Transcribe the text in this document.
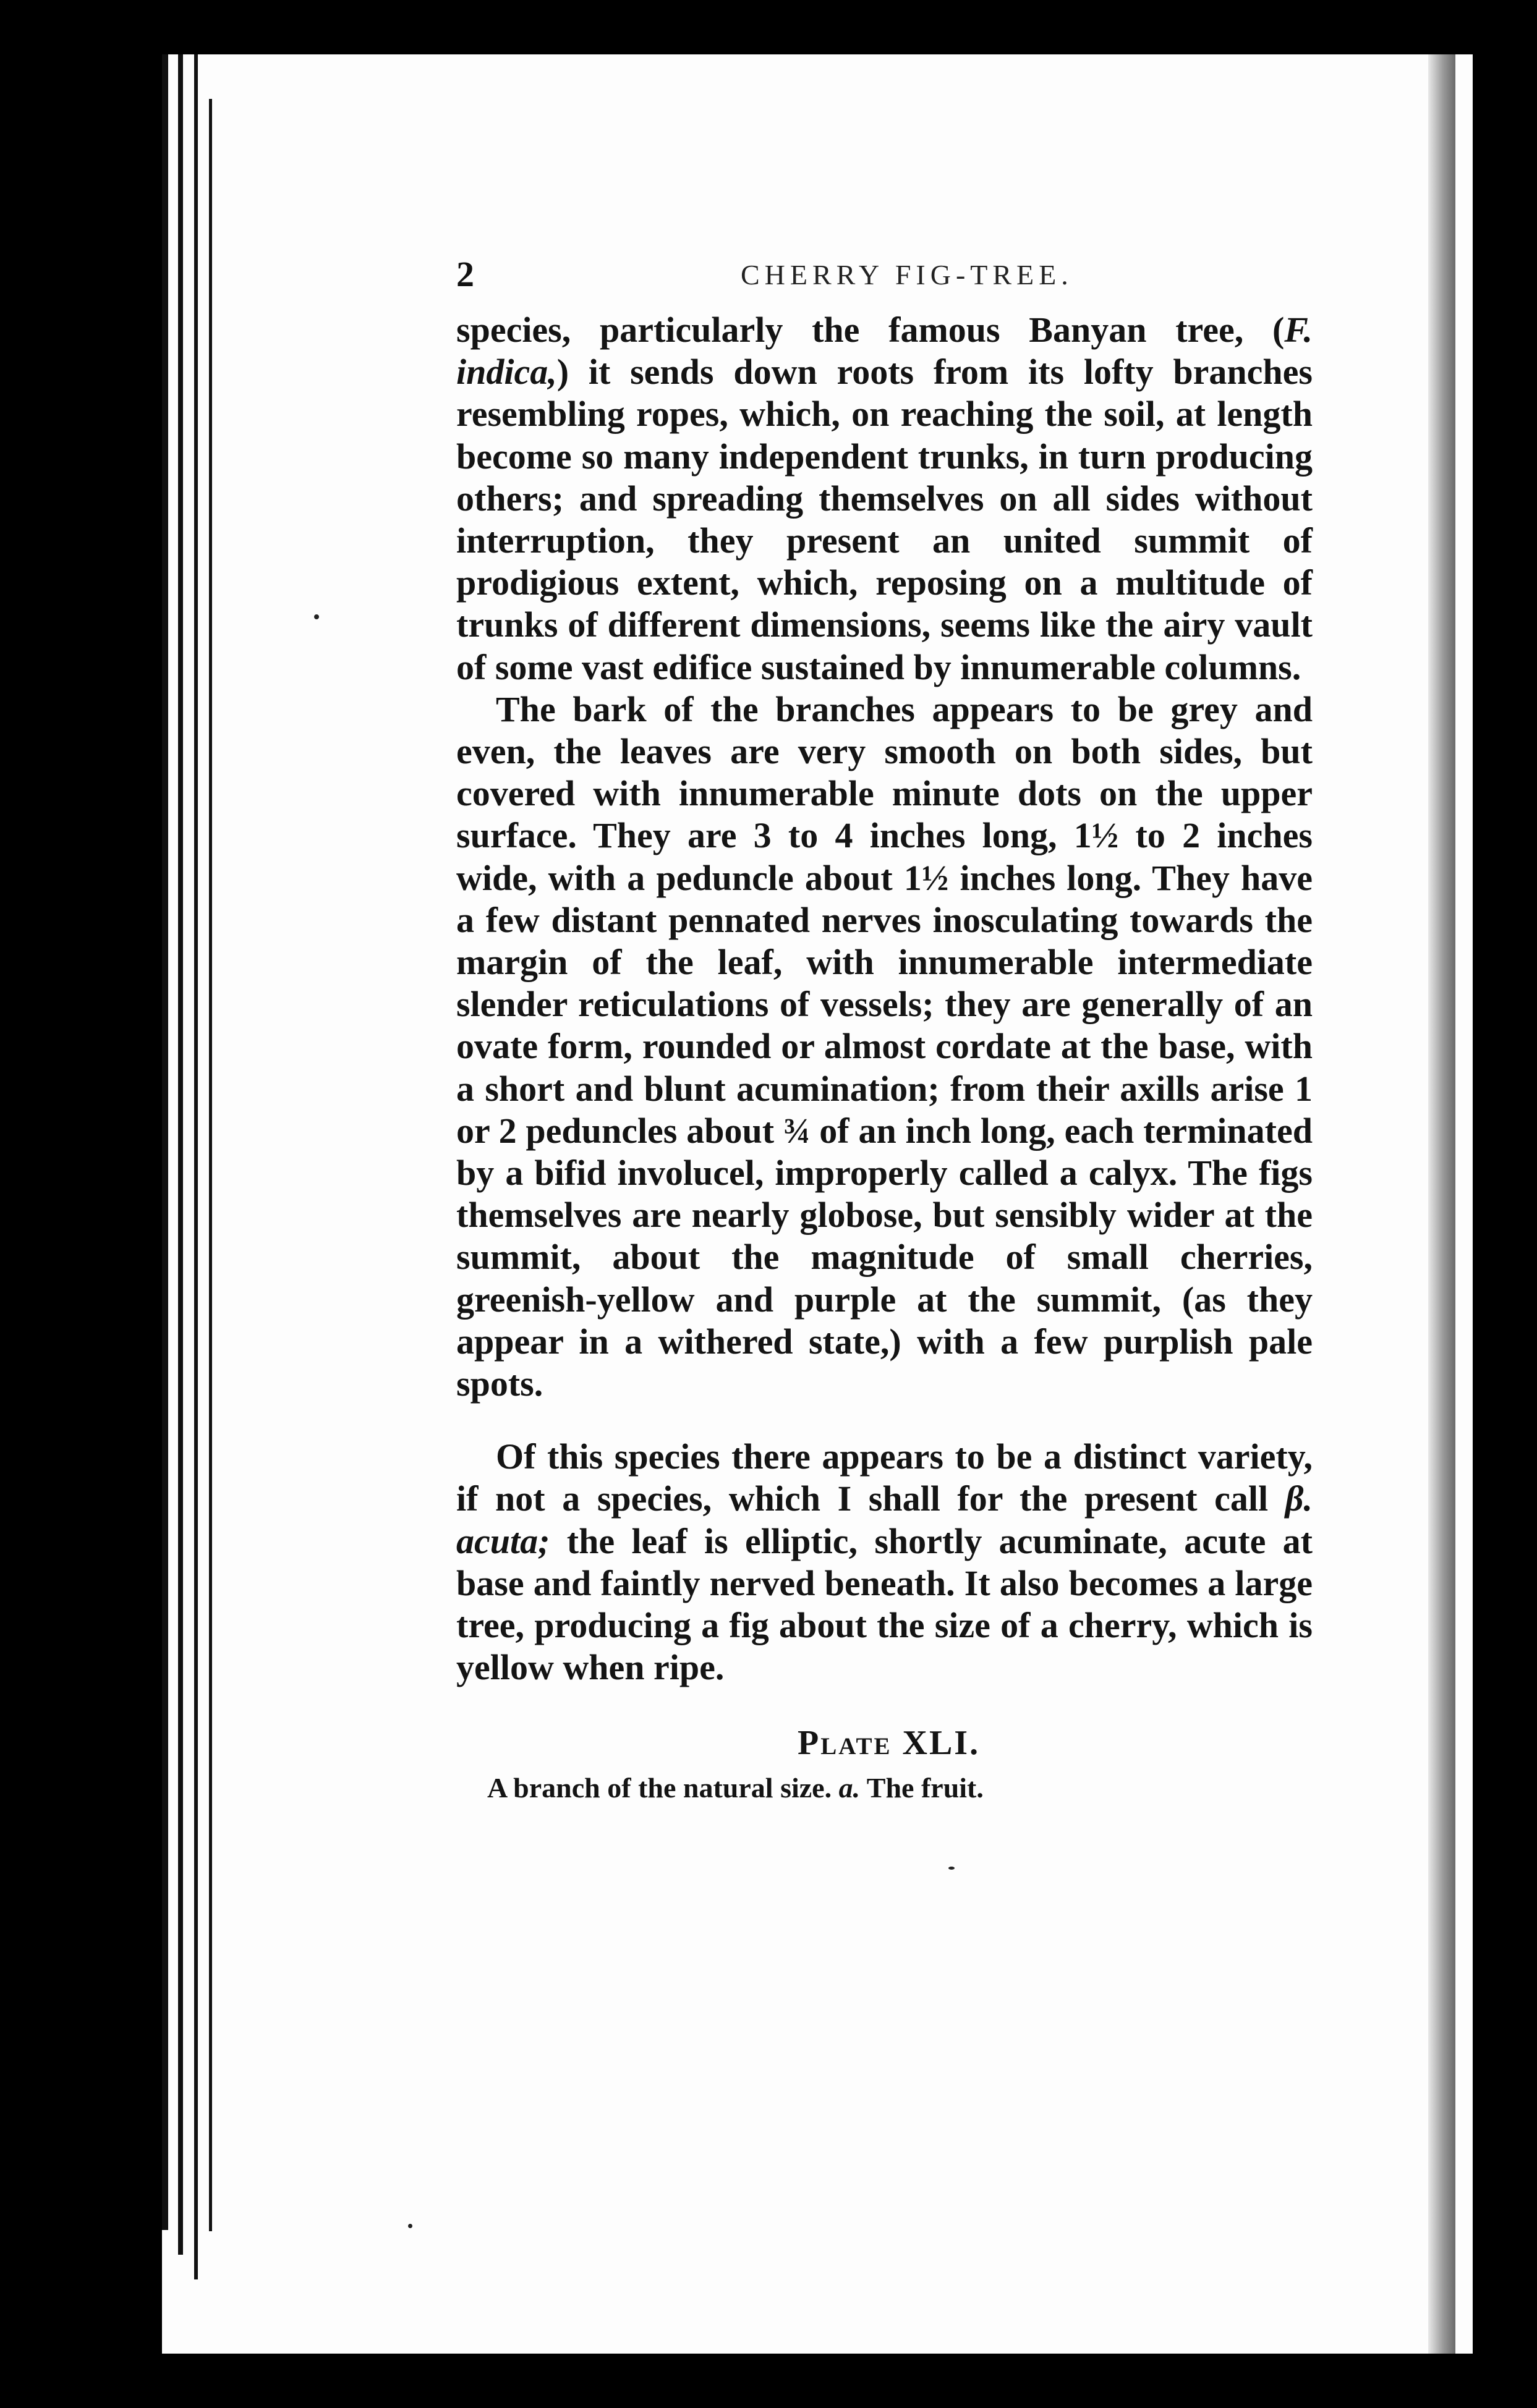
2	CHERRY FIG-TREE.

species, particularly the famous Banyan tree, (F. indica,) it sends down roots from its lofty branches resembling ropes, which, on reaching the soil, at length become so many independent trunks, in turn producing others; and spreading themselves on all sides without interruption, they present an united summit of prodigious extent, which, reposing on a multitude of trunks of different dimensions, seems like the airy vault of some vast edifice sustained by innumerable columns.

The bark of the branches appears to be grey and even, the leaves are very smooth on both sides, but covered with innumerable minute dots on the upper surface. They are 3 to 4 inches long, 1½ to 2 inches wide, with a peduncle about 1½ inches long. They have a few distant pennated nerves inosculating towards the margin of the leaf, with innumerable intermediate slender reticulations of vessels; they are generally of an ovate form, rounded or almost cordate at the base, with a short and blunt acumination; from their axills arise 1 or 2 peduncles about ¾ of an inch long, each terminated by a bifid involucel, improperly called a calyx. The figs themselves are nearly globose, but sensibly wider at the summit, about the magnitude of small cherries, greenish-yellow and purple at the summit, (as they appear in a withered state,) with a few purplish pale spots.

Of this species there appears to be a distinct variety, if not a species, which I shall for the present call β. acuta; the leaf is elliptic, shortly acuminate, acute at base and faintly nerved beneath. It also becomes a large tree, producing a fig about the size of a cherry, which is yellow when ripe.

Plate XLI.
A branch of the natural size. a. The fruit.
